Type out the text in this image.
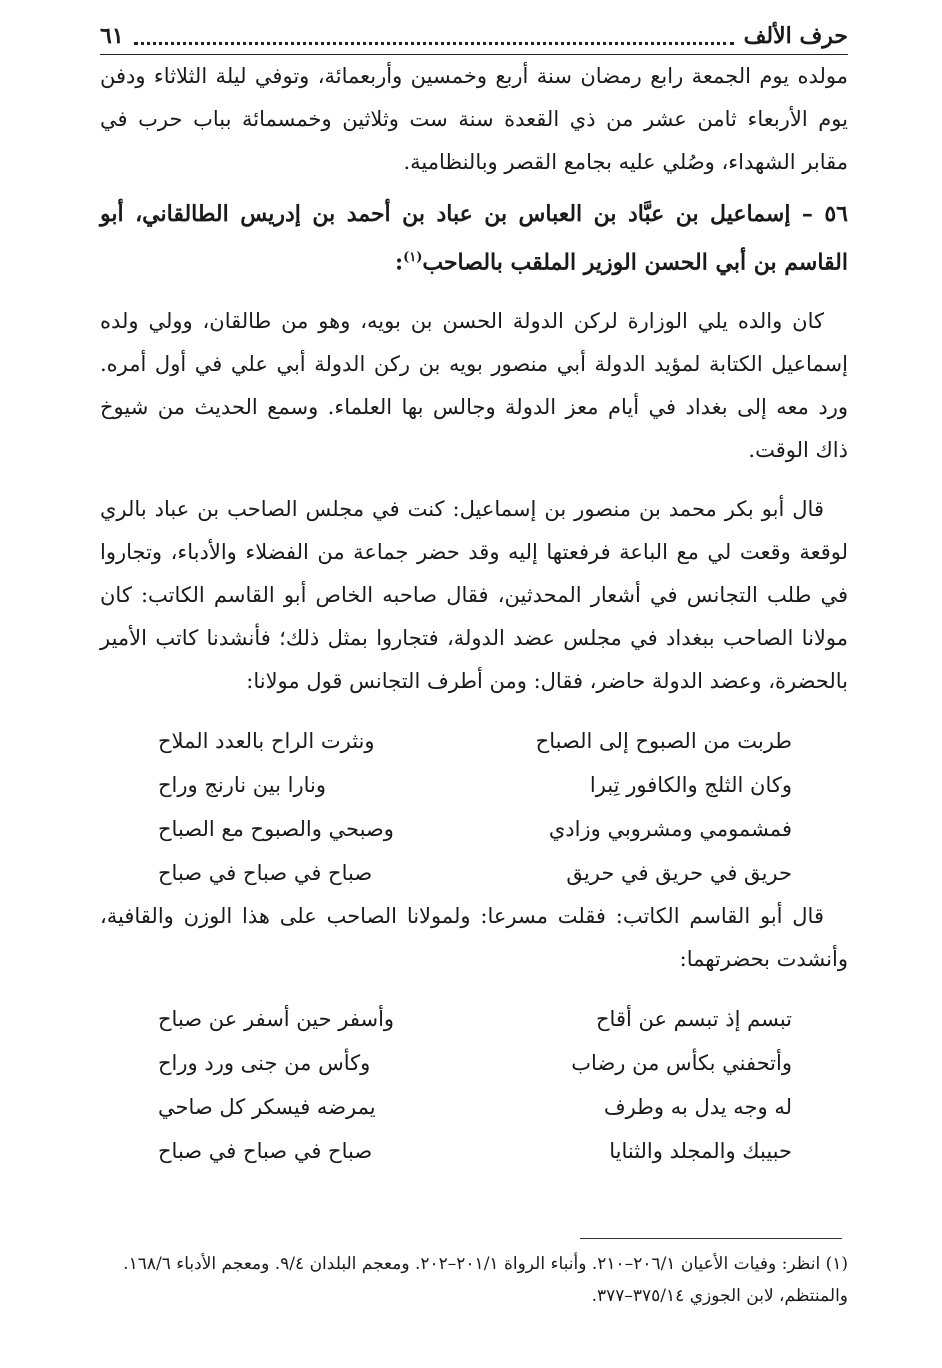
حرف الألف
٦١

مولده يوم الجمعة رابع رمضان سنة أربع وخمسين وأربعمائة، وتوفي ليلة الثلاثاء ودفن يوم الأربعاء ثامن عشر من ذي القعدة سنة ست وثلاثين وخمسمائة بباب حرب في مقابر الشهداء، وصُلي عليه بجامع القصر وبالنظامية.

٥٦ – إسماعيل بن عبَّاد بن العباس بن عباد بن أحمد بن إدريس الطالقاني، أبو القاسم بن أبي الحسن الوزير الملقب بالصاحب$^{(١)}$:

كان والده يلي الوزارة لركن الدولة الحسن بن بويه، وهو من طالقان، وولي ولده إسماعيل الكتابة لمؤيد الدولة أبي منصور بويه بن ركن الدولة أبي علي في أول أمره. ورد معه إلى بغداد في أيام معز الدولة وجالس بها العلماء. وسمع الحديث من شيوخ ذاك الوقت.

قال أبو بكر محمد بن منصور بن إسماعيل: كنت في مجلس الصاحب بن عباد بالري لوقعة وقعت لي مع الباعة فرفعتها إليه وقد حضر جماعة من الفضلاء والأدباء، وتجاروا في طلب التجانس في أشعار المحدثين، فقال صاحبه الخاص أبو القاسم الكاتب: كان مولانا الصاحب ببغداد في مجلس عضد الدولة، فتجاروا بمثل ذلك؛ فأنشدنا كاتب الأمير بالحضرة، وعضد الدولة حاضر، فقال: ومن أطرف التجانس قول مولانا:

طربت من الصبوح إلى الصباح
ونثرت الراح بالعدد الملاح
وكان الثلج والكافور تِبرا
ونارا بين نارنج وراح
فمشمومي ومشروبي وزادي
وصبحي والصبوح مع الصباح
حريق في حريق في حريق
صباح في صباح في صباح

قال أبو القاسم الكاتب: فقلت مسرعا: ولمولانا الصاحب على هذا الوزن والقافية، وأنشدت بحضرتهما:

تبسم إذ تبسم عن أقاح
وأسفر حين أسفر عن صباح
وأتحفني بكأس من رضاب
وكأس من جنى ورد وراح
له وجه يدل به وطرف
يمرضه فيسكر كل صاحي
حبيبك والمجلد والثنايا
صباح في صباح في صباح

(١) انظر: وفيات الأعيان ٢٠٦/١–٢١٠. وأنباء الرواة ٢٠١/١–٢٠٢. ومعجم البلدان ٩/٤. ومعجم الأدباء ١٦٨/٦. والمنتظم، لابن الجوزي ٣٧٥/١٤–٣٧٧.
